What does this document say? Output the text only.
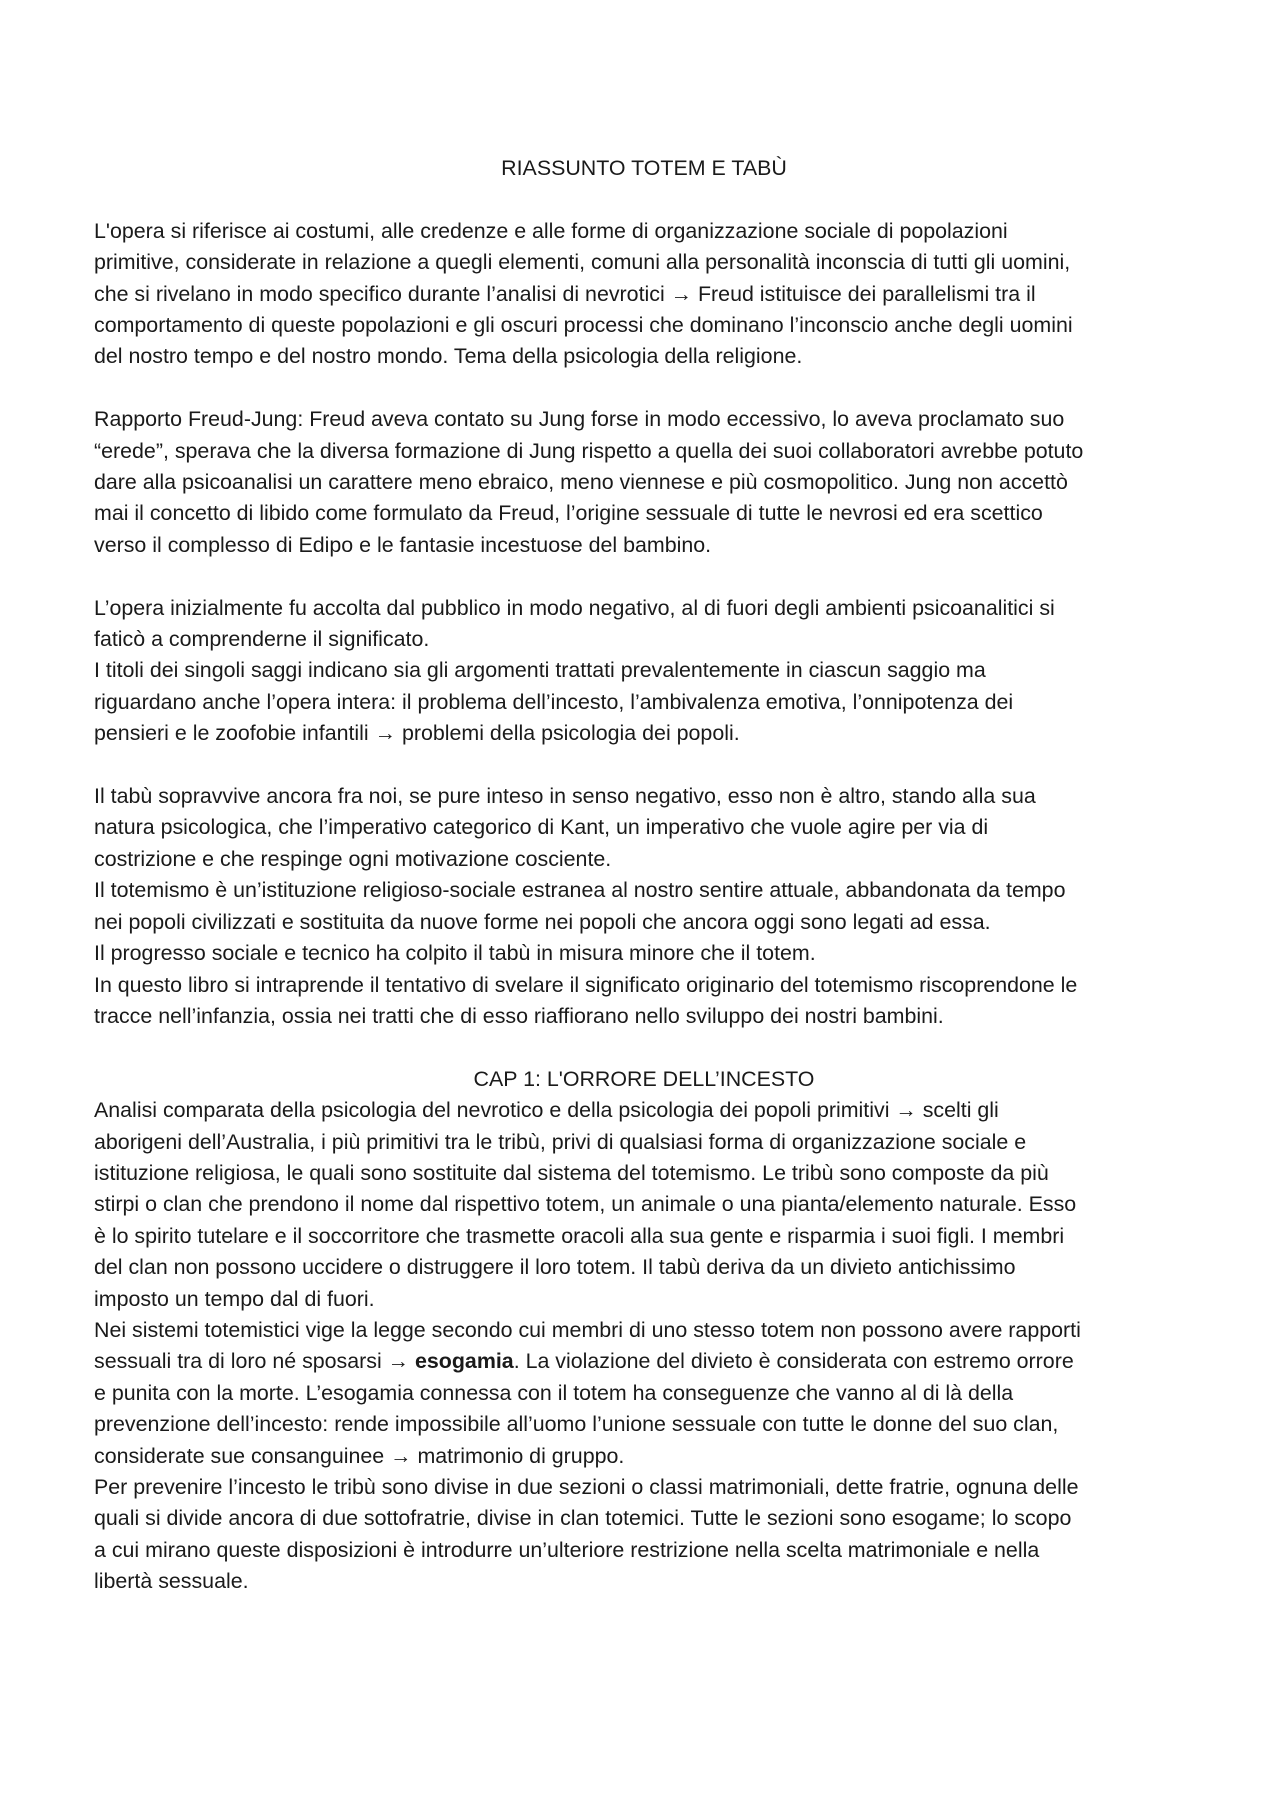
RIASSUNTO TOTEM E TABÙ

L'opera si riferisce ai costumi, alle credenze e alle forme di organizzazione sociale di popolazioni
primitive, considerate in relazione a quegli elementi, comuni alla personalità inconscia di tutti gli uomini,
che si rivelano in modo specifico durante l’analisi di nevrotici → Freud istituisce dei parallelismi tra il
comportamento di queste popolazioni e gli oscuri processi che dominano l’inconscio anche degli uomini
del nostro tempo e del nostro mondo. Tema della psicologia della religione.

Rapporto Freud-Jung: Freud aveva contato su Jung forse in modo eccessivo, lo aveva proclamato suo
“erede”, sperava che la diversa formazione di Jung rispetto a quella dei suoi collaboratori avrebbe potuto
dare alla psicoanalisi un carattere meno ebraico, meno viennese e più cosmopolitico. Jung non accettò
mai il concetto di libido come formulato da Freud, l’origine sessuale di tutte le nevrosi ed era scettico
verso il complesso di Edipo e le fantasie incestuose del bambino.

L’opera inizialmente fu accolta dal pubblico in modo negativo, al di fuori degli ambienti psicoanalitici si
faticò a comprenderne il significato.

I titoli dei singoli saggi indicano sia gli argomenti trattati prevalentemente in ciascun saggio ma
riguardano anche l’opera intera: il problema dell’incesto, l’ambivalenza emotiva, l’onnipotenza dei
pensieri e le zoofobie infantili → problemi della psicologia dei popoli.

Il tabù sopravvive ancora fra noi, se pure inteso in senso negativo, esso non è altro, stando alla sua
natura psicologica, che l’imperativo categorico di Kant, un imperativo che vuole agire per via di
costrizione e che respinge ogni motivazione cosciente.

Il totemismo è un’istituzione religioso-sociale estranea al nostro sentire attuale, abbandonata da tempo
nei popoli civilizzati e sostituita da nuove forme nei popoli che ancora oggi sono legati ad essa.

Il progresso sociale e tecnico ha colpito il tabù in misura minore che il totem.

In questo libro si intraprende il tentativo di svelare il significato originario del totemismo riscoprendone le
tracce nell’infanzia, ossia nei tratti che di esso riaffiorano nello sviluppo dei nostri bambini.

CAP 1: L'ORRORE DELL’INCESTO

Analisi comparata della psicologia del nevrotico e della psicologia dei popoli primitivi → scelti gli
aborigeni dell’Australia, i più primitivi tra le tribù, privi di qualsiasi forma di organizzazione sociale e
istituzione religiosa, le quali sono sostituite dal sistema del totemismo. Le tribù sono composte da più
stirpi o clan che prendono il nome dal rispettivo totem, un animale o una pianta/elemento naturale. Esso
è lo spirito tutelare e il soccorritore che trasmette oracoli alla sua gente e risparmia i suoi figli. I membri
del clan non possono uccidere o distruggere il loro totem. Il tabù deriva da un divieto antichissimo
imposto un tempo dal di fuori.

Nei sistemi totemistici vige la legge secondo cui membri di uno stesso totem non possono avere rapporti
sessuali tra di loro né sposarsi → esogamia. La violazione del divieto è considerata con estremo orrore
e punita con la morte. L’esogamia connessa con il totem ha conseguenze che vanno al di là della
prevenzione dell’incesto: rende impossibile all’uomo l’unione sessuale con tutte le donne del suo clan,
considerate sue consanguinee → matrimonio di gruppo.

Per prevenire l’incesto le tribù sono divise in due sezioni o classi matrimoniali, dette fratrie, ognuna delle
quali si divide ancora di due sottofratrie, divise in clan totemici. Tutte le sezioni sono esogame; lo scopo
a cui mirano queste disposizioni è introdurre un’ulteriore restrizione nella scelta matrimoniale e nella
libertà sessuale.
